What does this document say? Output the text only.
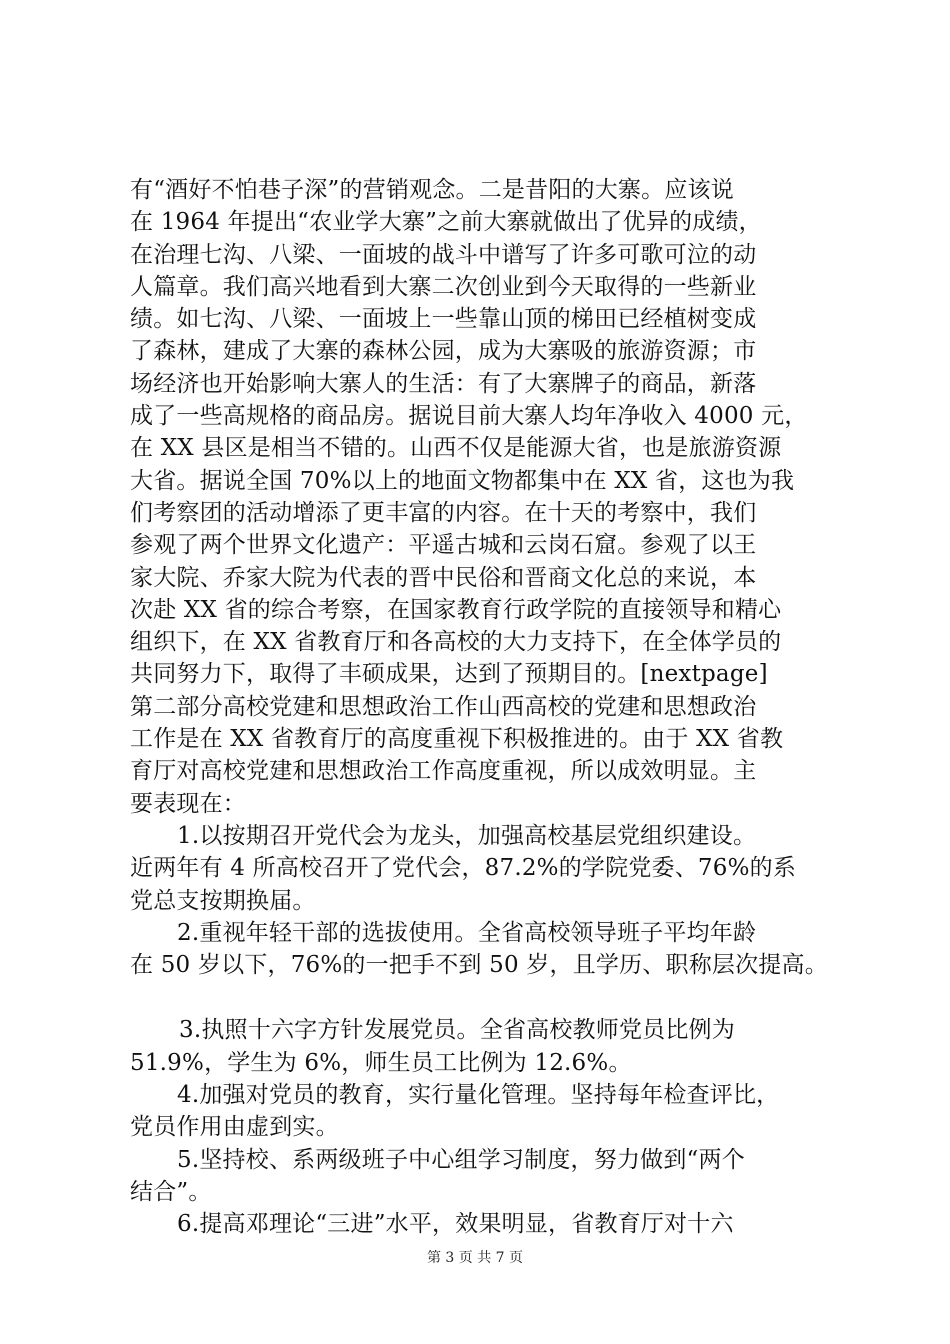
有“酒好不怕巷子深”的营销观念。二是昔阳的大寨。应该说
在 1964 年提出“农业学大寨”之前大寨就做出了优异的成绩，
在治理七沟、八梁、一面坡的战斗中谱写了许多可歌可泣的动
人篇章。我们高兴地看到大寨二次创业到今天取得的一些新业
绩。如七沟、八梁、一面坡上一些靠山顶的梯田已经植树变成
了森林，建成了大寨的森林公园，成为大寨吸的旅游资源；市
场经济也开始影响大寨人的生活：有了大寨牌子的商品，新落
成了一些高规格的商品房。据说目前大寨人均年净收入 4000 元，
在 XX 县区是相当不错的。山西不仅是能源大省，也是旅游资源
大省。据说全国 70%以上的地面文物都集中在 XX 省，这也为我
们考察团的活动增添了更丰富的内容。在十天的考察中，我们
参观了两个世界文化遗产：平遥古城和云岗石窟。参观了以王
家大院、乔家大院为代表的晋中民俗和晋商文化总的来说，本
次赴 XX 省的综合考察，在国家教育行政学院的直接领导和精心
组织下，在 XX 省教育厅和各高校的大力支持下，在全体学员的
共同努力下，取得了丰硕成果，达到了预期目的。[nextpage]
第二部分高校党建和思想政治工作山西高校的党建和思想政治
工作是在 XX 省教育厅的高度重视下积极推进的。由于 XX 省教
育厅对高校党建和思想政治工作高度重视，所以成效明显。主
要表现在：
1.以按期召开党代会为龙头，加强高校基层党组织建设。
近两年有 4 所高校召开了党代会，87.2%的学院党委、76%的系
党总支按期换届。
2.重视年轻干部的选拔使用。全省高校领导班子平均年龄
在 50 岁以下，76%的一把手不到 50 岁，且学历、职称层次提高。
3.执照十六字方针发展党员。全省高校教师党员比例为
51.9%，学生为 6%，师生员工比例为 12.6%。
4.加强对党员的教育，实行量化管理。坚持每年检查评比，
党员作用由虚到实。
5.坚持校、系两级班子中心组学习制度，努力做到“两个
结合”。
6.提高邓理论“三进”水平，效果明显，省教育厅对十六
第 3 页 共 7 页
